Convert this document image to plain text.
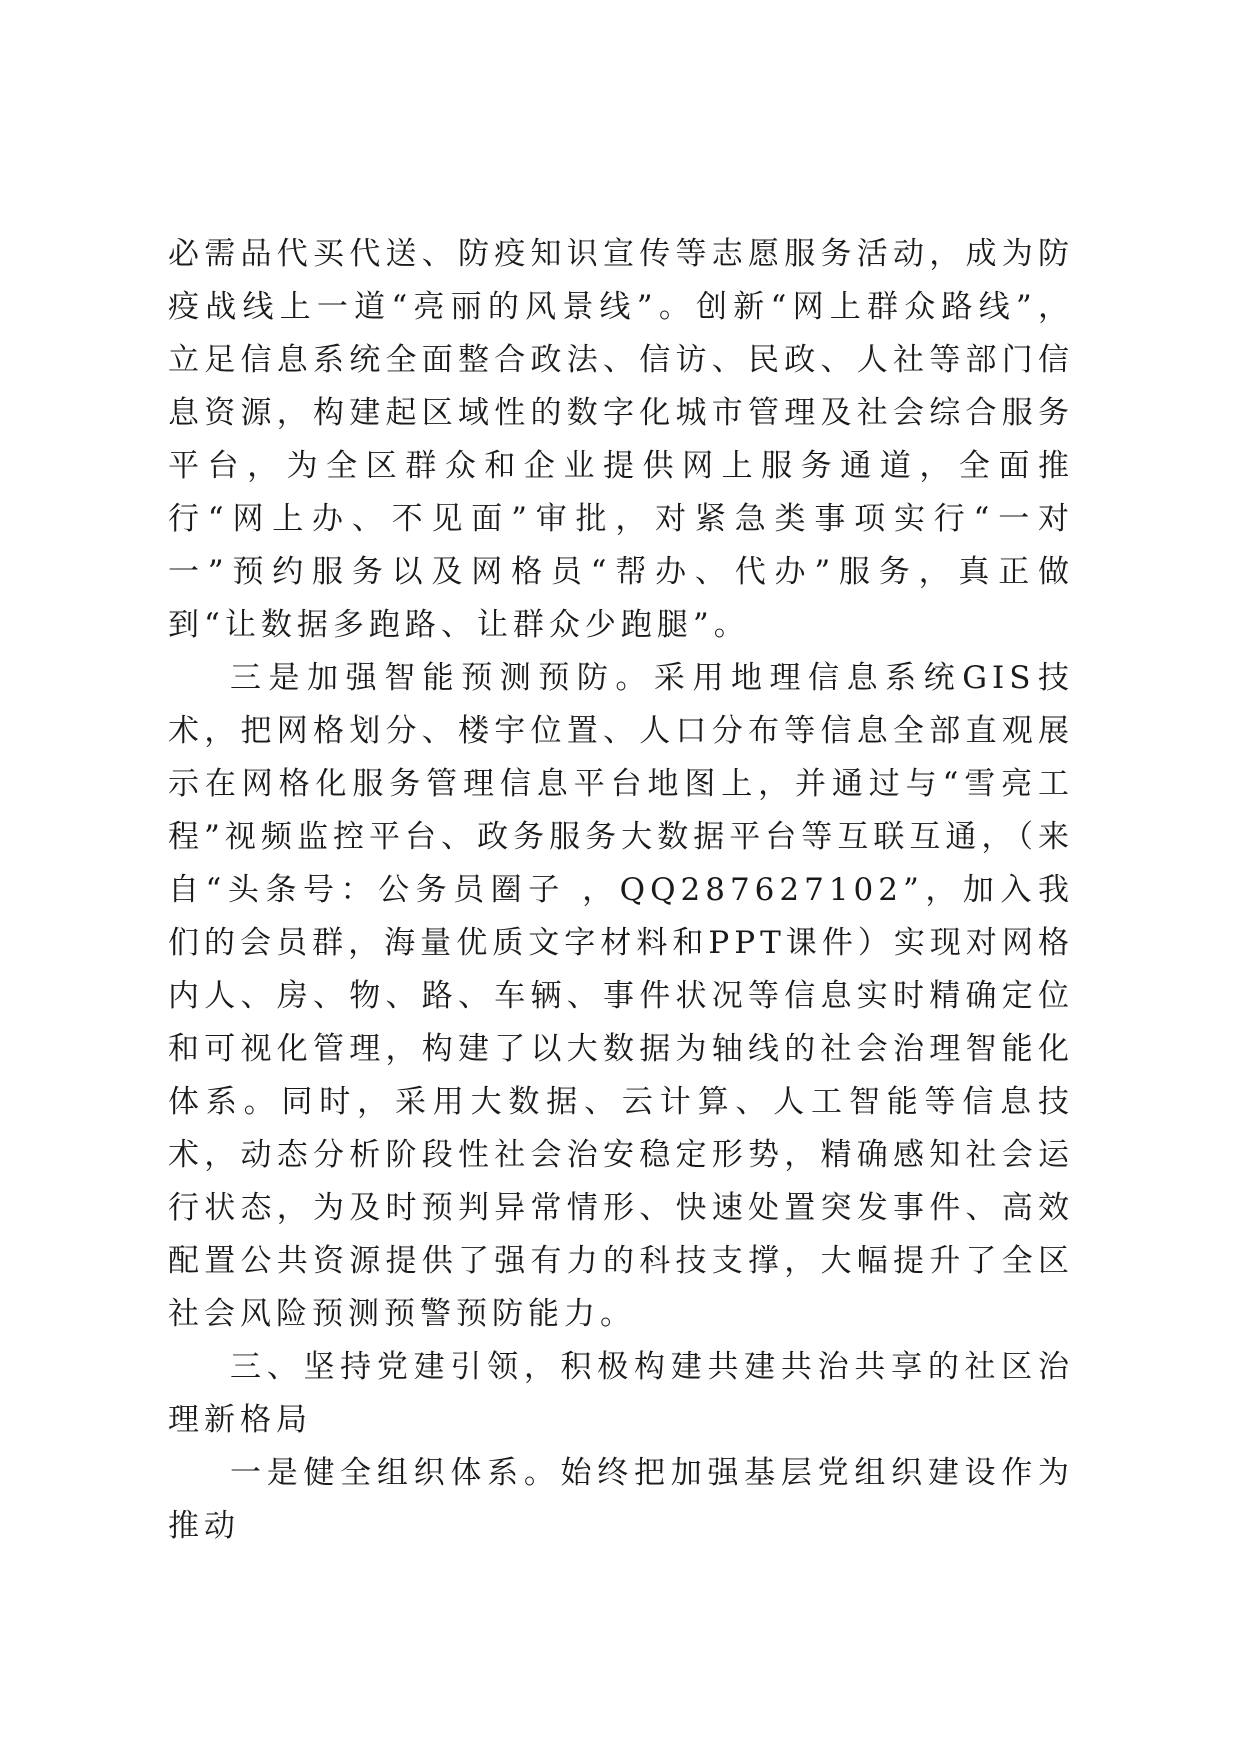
必需品代买代送、防疫知识宣传等志愿服务活动，成为防疫战线上一道“亮丽的风景线”。创新“网上群众路线”，立足信息系统全面整合政法、信访、民政、人社等部门信息资源，构建起区域性的数字化城市管理及社会综合服务平台，为全区群众和企业提供网上服务通道，全面推行“网上办、不见面”审批，对紧急类事项实行“一对一”预约服务以及网格员“帮办、代办”服务，真正做到“让数据多跑路、让群众少跑腿”。

三是加强智能预测预防。采用地理信息系统GIS技术，把网格划分、楼宇位置、人口分布等信息全部直观展示在网格化服务管理信息平台地图上，并通过与“雪亮工程”视频监控平台、政务服务大数据平台等互联互通，（来自“头条号：公务员圈子 ，QQ287627102”，加入我们的会员群，海量优质文字材料和PPT课件）实现对网格内人、房、物、路、车辆、事件状况等信息实时精确定位和可视化管理，构建了以大数据为轴线的社会治理智能化体系。同时，采用大数据、云计算、人工智能等信息技术，动态分析阶段性社会治安稳定形势，精确感知社会运行状态，为及时预判异常情形、快速处置突发事件、高效配置公共资源提供了强有力的科技支撑，大幅提升了全区社会风险预测预警预防能力。

三、坚持党建引领，积极构建共建共治共享的社区治理新格局

一是健全组织体系。始终把加强基层党组织建设作为推动
